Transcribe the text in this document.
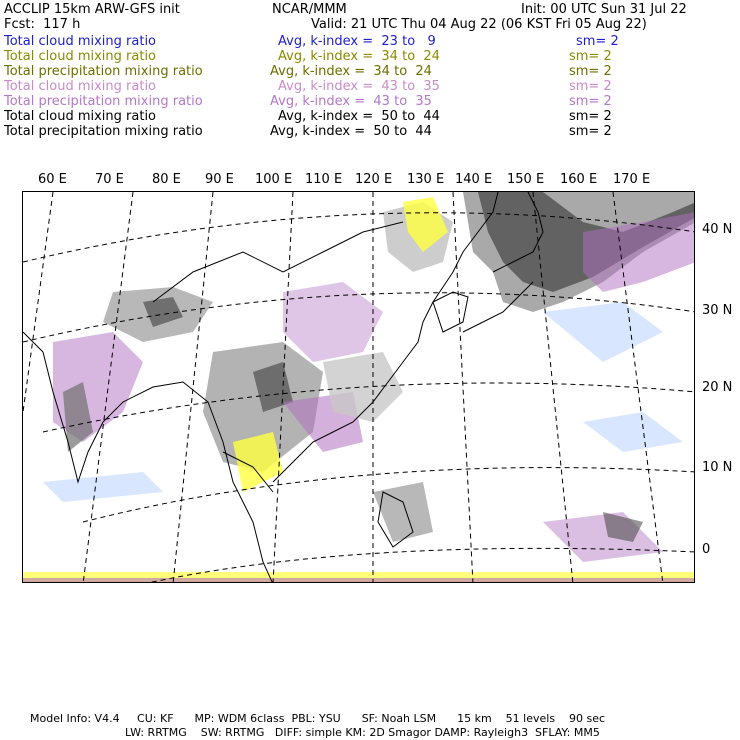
ACCLIP 15km ARW-GFS init	NCAR/MMM	Init: 00 UTC Sun 31 Jul 22
Fcst:  117 h	Valid: 21 UTC Thu 04 Aug 22 (06 KST Fri 05 Aug 22)
Total cloud mixing ratio	Avg, k-index =  23 to   9	sm= 2
Total cloud mixing ratio	Avg, k-index =  34 to  24	sm= 2
Total precipitation mixing ratio	Avg, k-index =  34 to  24	sm= 2
Total cloud mixing ratio	Avg, k-index =  43 to  35	sm= 2
Total precipitation mixing ratio	Avg, k-index =  43 to  35	sm= 2
Total cloud mixing ratio	Avg, k-index =  50 to  44	sm= 2
Total precipitation mixing ratio	Avg, k-index =  50 to  44	sm= 2
60 E 70 E 80 E 90 E 100 E 110 E 120 E 130 E 140 E 150 E 160 E 170 E
40 N
30 N
20 N
10 N
0
Model Info: V4.4     CU: KF      MP: WDM 6class  PBL: YSU      SF: Noah LSM      15 km    51 levels    90 sec
LW: RRTMG    SW: RRTMG   DIFF: simple KM: 2D Smagor DAMP: Rayleigh3  SFLAY: MM5
